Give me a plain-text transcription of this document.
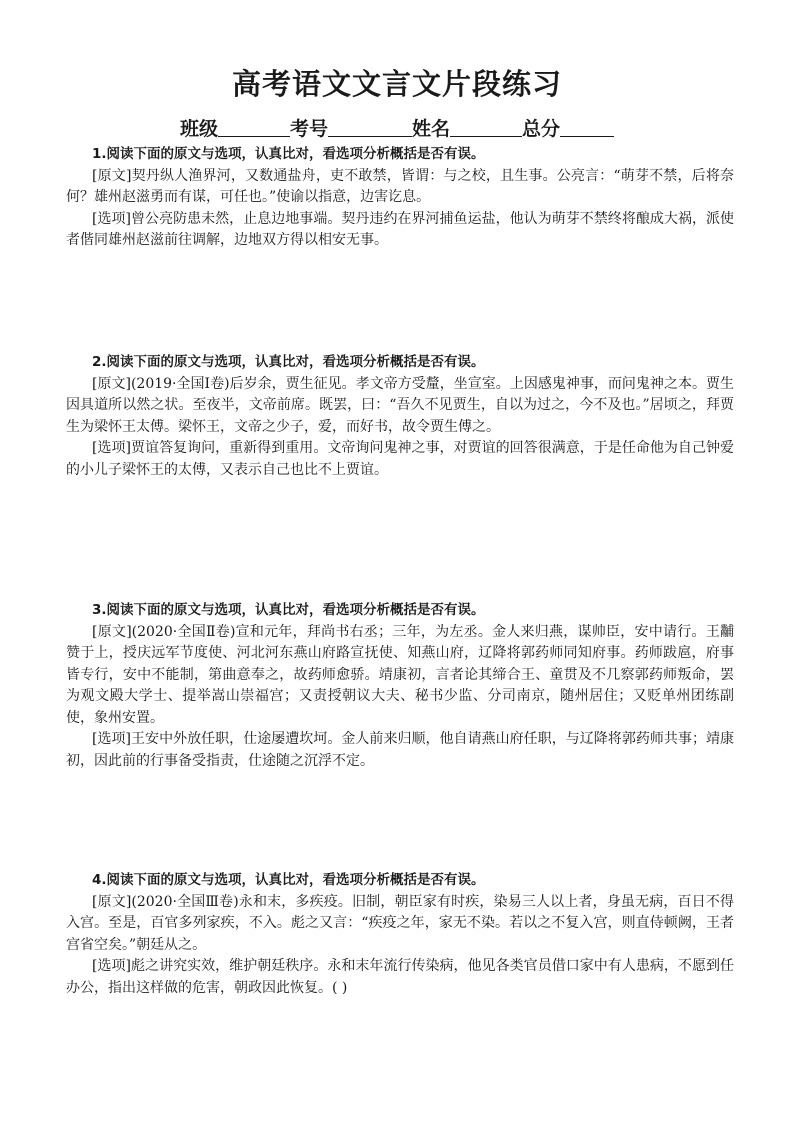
高考语文文言文片段练习
班级	考号	姓名	总分
1.阅读下面的原文与选项，认真比对，看选项分析概括是否有误。

[原文]契丹纵人渔界河，又数通盐舟，吏不敢禁，皆谓：与之校，且生事。公亮言：“萌芽不禁，后将奈何？雄州赵滋勇而有谋，可任也。”使谕以指意，边害讫息。

[选项]曾公亮防患未然，止息边地事端。契丹违约在界河捕鱼运盐，他认为萌芽不禁终将酿成大祸，派使者偕同雄州赵滋前往调解，边地双方得以相安无事。

2.阅读下面的原文与选项，认真比对，看选项分析概括是否有误。

[原文](2019·全国Ⅰ卷)后岁余，贾生征见。孝文帝方受釐，坐宣室。上因感鬼神事，而问鬼神之本。贾生因具道所以然之状。至夜半，文帝前席。既罢，曰：“吾久不见贾生，自以为过之，今不及也。”居顷之，拜贾生为梁怀王太傅。梁怀王，文帝之少子，爱，而好书，故令贾生傅之。

[选项]贾谊答复询问，重新得到重用。文帝询问鬼神之事，对贾谊的回答很满意，于是任命他为自己钟爱的小儿子梁怀王的太傅，又表示自己也比不上贾谊。

3.阅读下面的原文与选项，认真比对，看选项分析概括是否有误。

[原文](2020·全国Ⅱ卷)宣和元年，拜尚书右丞；三年，为左丞。金人来归燕，谋帅臣，安中请行。王黼赞于上，授庆远军节度使、河北河东燕山府路宣抚使、知燕山府，辽降将郭药师同知府事。药师跋扈，府事皆专行，安中不能制，第曲意奉之，故药师愈骄。靖康初，言者论其缔合王、童贯及不几察郭药师叛命，罢为观文殿大学士、提举嵩山崇福宫；又责授朝议大夫、秘书少监、分司南京，随州居住；又贬单州团练副使，象州安置。

[选项]王安中外放任职，仕途屡遭坎坷。金人前来归顺，他自请燕山府任职，与辽降将郭药师共事；靖康初，因此前的行事备受指责，仕途随之沉浮不定。

4.阅读下面的原文与选项，认真比对，看选项分析概括是否有误。

[原文](2020·全国Ⅲ卷)永和末，多疾疫。旧制，朝臣家有时疾，染易三人以上者，身虽无病，百日不得入宫。至是，百官多列家疾，不入。彪之又言：“疾疫之年，家无不染。若以之不复入宫，则直侍顿阙，王者宫省空矣。”朝廷从之。

[选项]彪之讲究实效，维护朝廷秩序。永和末年流行传染病，他见各类官员借口家中有人患病，不愿到任办公，指出这样做的危害，朝政因此恢复。( )
